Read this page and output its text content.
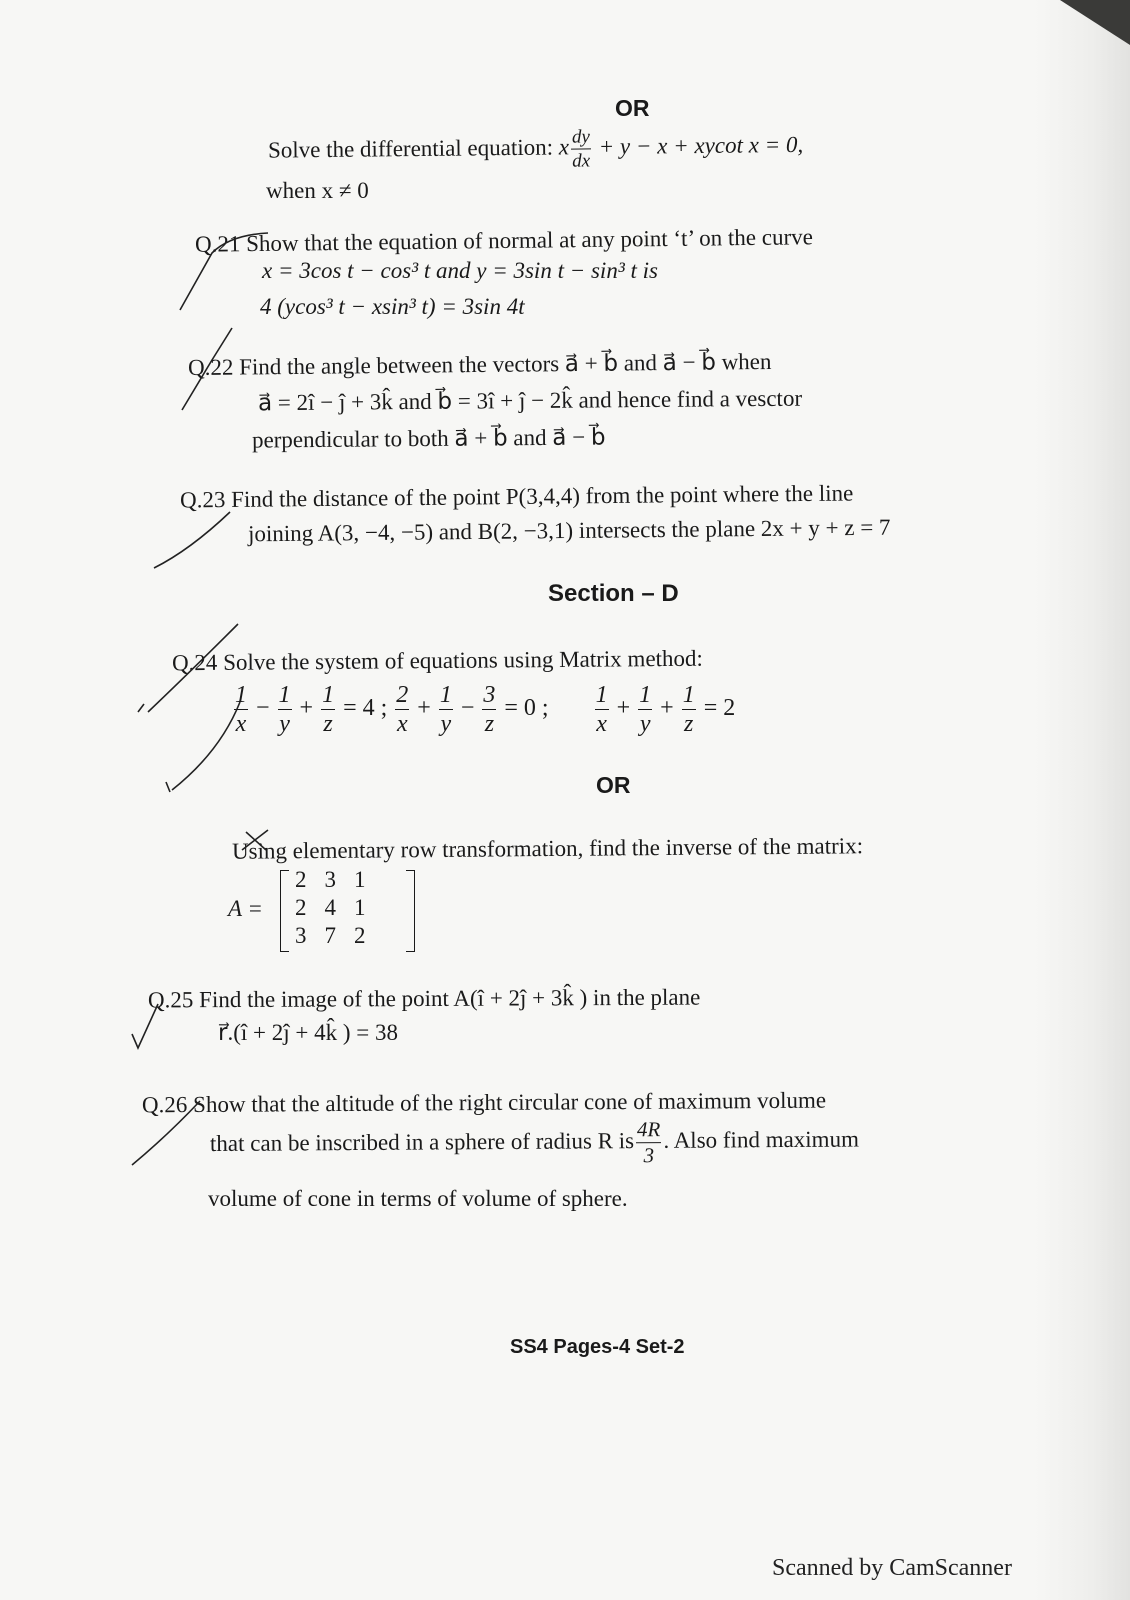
OR
Solve the differential equation: x $\frac{dy}{dx} + y - x + xycot$ x = 0,
when x ≠ 0
Q.21 Show that the equation of normal at any point ‘t’ on the curve
x = 3cos t − cos³ t and y = 3sin t − sin³ t is
4 (ycos³ t − xsin³ t) = 3sin 4t
Q.22 Find the angle between the vectors a⃗ + b⃗ and a⃗ − b⃗ when
a⃗ = 2î − ĵ + 3k̂ and b⃗ = 3î + ĵ − 2k̂ and hence find a vesctor
perpendicular to both a⃗ + b⃗ and a⃗ − b⃗
Q.23 Find the distance of the point P(3,4,4) from the point where the line
joining A(3, −4, −5) and B(2, −3,1) intersects the plane 2x + y + z = 7
Section – D
Q.24 Solve the system of equations using Matrix method:
$\frac{1}{x} - \frac{1}{y} + \frac{1}{z} = 4$ ; $\frac{2}{x} + \frac{1}{y} - \frac{3}{z} = 0$ ; $\frac{1}{x} + \frac{1}{y} + \frac{1}{z} = 2$
OR
Using elementary row transformation, find the inverse of the matrix:
A =
2	3	1
2	4	1
3	7	2
Q.25 Find the image of the point A(î + 2ĵ + 3k̂ ) in the plane
r⃗.(î + 2ĵ + 4k̂ ) = 38
Q.26 Show that the altitude of the right circular cone of maximum volume
that can be inscribed in a sphere of radius R is $\frac{4R}{3}$ . Also find maximum
volume of cone in terms of volume of sphere.
SS4 Pages-4 Set-2
Scanned by CamScanner
